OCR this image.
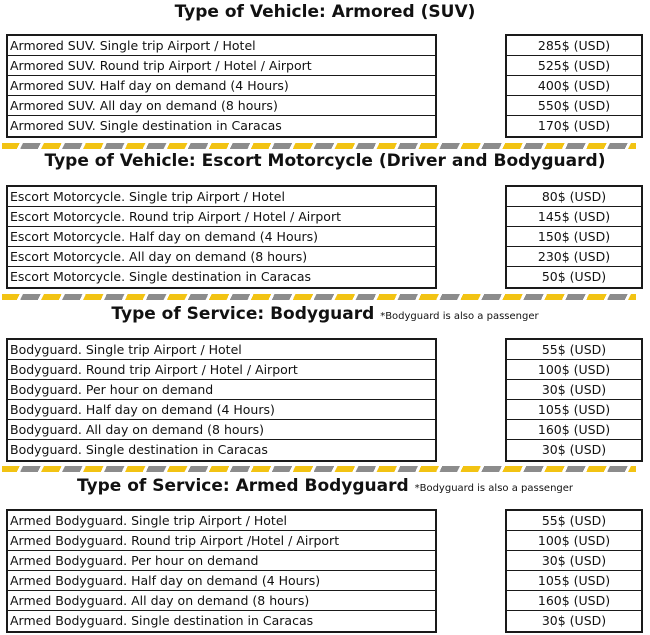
Type of Vehicle: Armored (SUV)
Armored SUV. Single trip Airport / Hotel
Armored SUV. Round trip Airport / Hotel / Airport
Armored SUV. Half day on demand (4 Hours)
Armored SUV. All day on demand (8 hours)
Armored SUV. Single destination in Caracas
285$ (USD)
525$ (USD)
400$ (USD)
550$ (USD)
170$ (USD)
Type of Vehicle: Escort Motorcycle (Driver and Bodyguard)
Escort Motorcycle. Single trip Airport / Hotel
Escort Motorcycle. Round trip Airport / Hotel / Airport
Escort Motorcycle. Half day on demand (4 Hours)
Escort Motorcycle. All day on demand (8 hours)
Escort Motorcycle. Single destination in Caracas
80$ (USD)
145$ (USD)
150$ (USD)
230$ (USD)
50$ (USD)
Type of Service: Bodyguard *Bodyguard is also a passenger
Bodyguard. Single trip Airport / Hotel
Bodyguard. Round trip Airport / Hotel / Airport
Bodyguard. Per hour on demand
Bodyguard. Half day on demand (4 Hours)
Bodyguard. All day on demand (8 hours)
Bodyguard. Single destination in Caracas
55$ (USD)
100$ (USD)
30$ (USD)
105$ (USD)
160$ (USD)
30$ (USD)
Type of Service: Armed Bodyguard *Bodyguard is also a passenger
Armed Bodyguard. Single trip Airport / Hotel
Armed Bodyguard. Round trip Airport /Hotel / Airport
Armed Bodyguard. Per hour on demand
Armed Bodyguard. Half day on demand (4 Hours)
Armed Bodyguard. All day on demand (8 hours)
Armed Bodyguard. Single destination in Caracas
55$ (USD)
100$ (USD)
30$ (USD)
105$ (USD)
160$ (USD)
30$ (USD)
